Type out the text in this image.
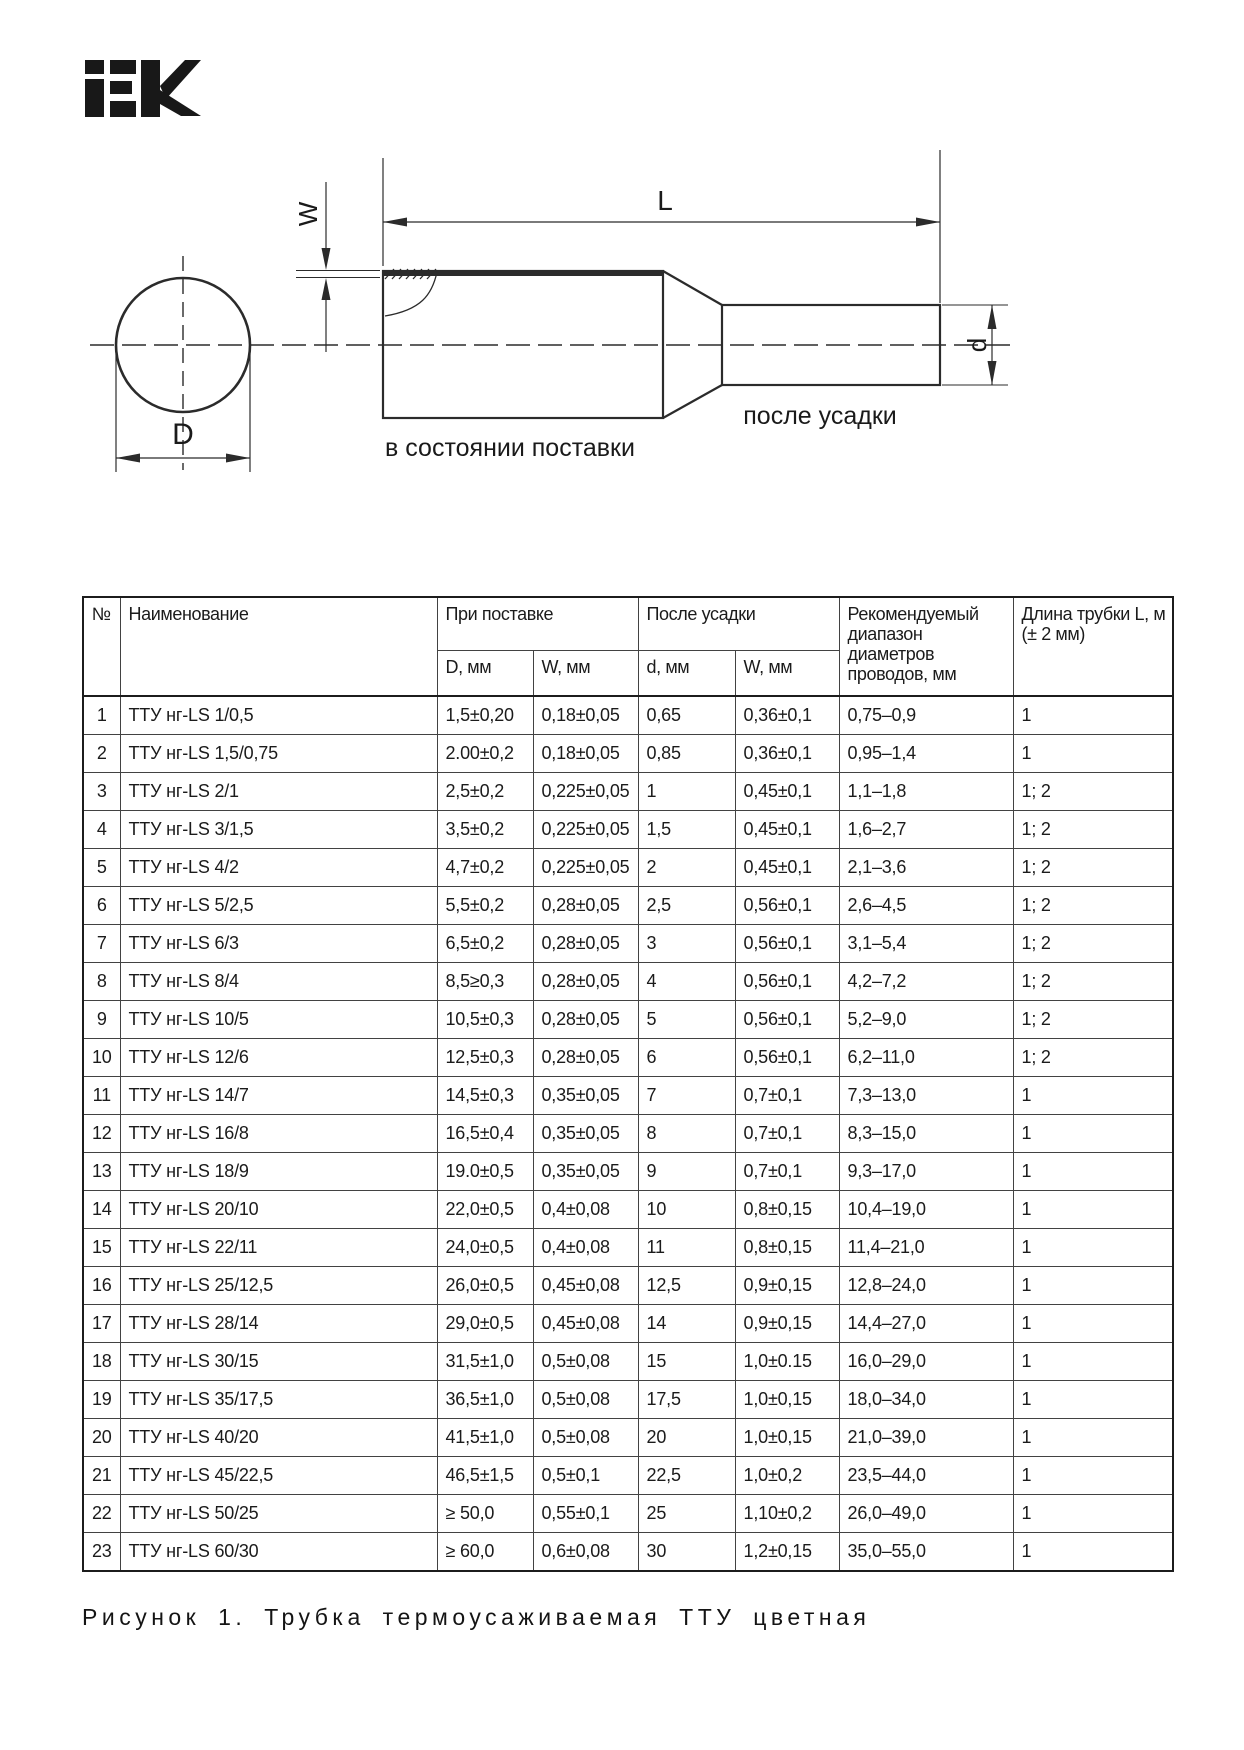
L
W
D
d
после усадки
в состоянии поставки
№	Наименование	При поставке		После усадки		Рекомендуемый диапазон диаметров проводов, мм	Длина трубки L, м (± 2 мм)
		D, мм	W, мм	d, мм	W, мм		
1	ТТУ нг-LS 1/0,5	1,5±0,20	0,18±0,05	0,65	0,36±0,1	0,75–0,9	1
2	ТТУ нг-LS 1,5/0,75	2.00±0,2	0,18±0,05	0,85	0,36±0,1	0,95–1,4	1
3	ТТУ нг-LS 2/1	2,5±0,2	0,225±0,05	1	0,45±0,1	1,1–1,8	1; 2
4	ТТУ нг-LS 3/1,5	3,5±0,2	0,225±0,05	1,5	0,45±0,1	1,6–2,7	1; 2
5	ТТУ нг-LS 4/2	4,7±0,2	0,225±0,05	2	0,45±0,1	2,1–3,6	1; 2
6	ТТУ нг-LS 5/2,5	5,5±0,2	0,28±0,05	2,5	0,56±0,1	2,6–4,5	1; 2
7	ТТУ нг-LS 6/3	6,5±0,2	0,28±0,05	3	0,56±0,1	3,1–5,4	1; 2
8	ТТУ нг-LS 8/4	8,5≥0,3	0,28±0,05	4	0,56±0,1	4,2–7,2	1; 2
9	ТТУ нг-LS 10/5	10,5±0,3	0,28±0,05	5	0,56±0,1	5,2–9,0	1; 2
10	ТТУ нг-LS 12/6	12,5±0,3	0,28±0,05	6	0,56±0,1	6,2–11,0	1; 2
11	ТТУ нг-LS 14/7	14,5±0,3	0,35±0,05	7	0,7±0,1	7,3–13,0	1
12	ТТУ нг-LS 16/8	16,5±0,4	0,35±0,05	8	0,7±0,1	8,3–15,0	1
13	ТТУ нг-LS 18/9	19.0±0,5	0,35±0,05	9	0,7±0,1	9,3–17,0	1
14	ТТУ нг-LS 20/10	22,0±0,5	0,4±0,08	10	0,8±0,15	10,4–19,0	1
15	ТТУ нг-LS 22/11	24,0±0,5	0,4±0,08	11	0,8±0,15	11,4–21,0	1
16	ТТУ нг-LS 25/12,5	26,0±0,5	0,45±0,08	12,5	0,9±0,15	12,8–24,0	1
17	ТТУ нг-LS 28/14	29,0±0,5	0,45±0,08	14	0,9±0,15	14,4–27,0	1
18	ТТУ нг-LS 30/15	31,5±1,0	0,5±0,08	15	1,0±0.15	16,0–29,0	1
19	ТТУ нг-LS 35/17,5	36,5±1,0	0,5±0,08	17,5	1,0±0,15	18,0–34,0	1
20	ТТУ нг-LS 40/20	41,5±1,0	0,5±0,08	20	1,0±0,15	21,0–39,0	1
21	ТТУ нг-LS 45/22,5	46,5±1,5	0,5±0,1	22,5	1,0±0,2	23,5–44,0	1
22	ТТУ нг-LS 50/25	≥ 50,0	0,55±0,1	25	1,10±0,2	26,0–49,0	1
23	ТТУ нг-LS 60/30	≥ 60,0	0,6±0,08	30	1,2±0,15	35,0–55,0	1
Рисунок 1. Трубка термоусаживаемая ТТУ цветная
